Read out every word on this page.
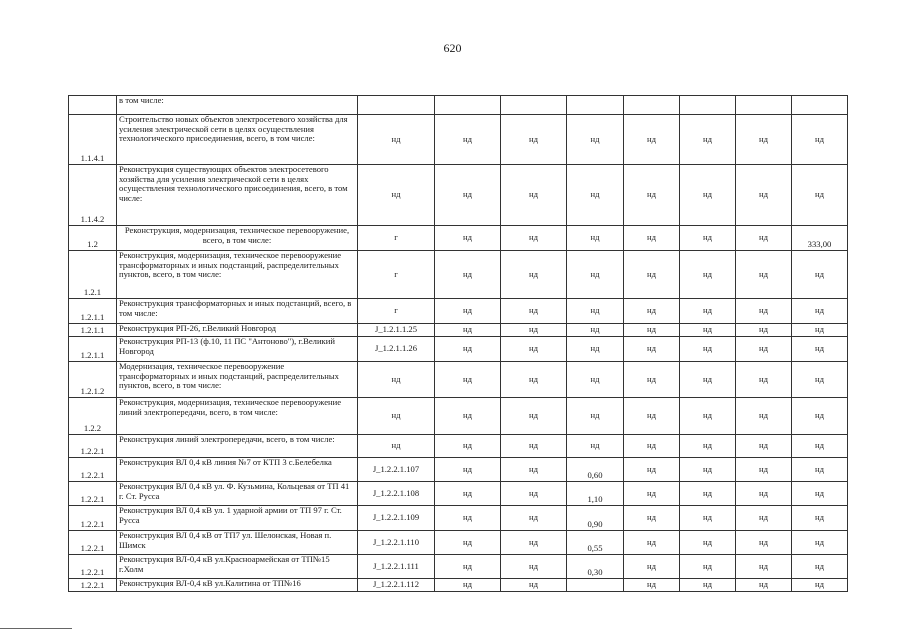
620
	в том числе:								
1.1.4.1	Строительство новых объектов электросетевого хозяйства для усиления электрической сети в целях осуществления технологического присоединения, всего, в том числе:	нд	нд	нд	нд	нд	нд	нд	нд
1.1.4.2	Реконструкция существующих объектов электросетевого хозяйства для усиления электрической сети в целях осуществления технологического присоединения, всего, в том числе:	нд	нд	нд	нд	нд	нд	нд	нд
1.2	Реконструкция, модернизация, техническое перевооружение, всего, в том числе:	г	нд	нд	нд	нд	нд	нд	333,00
1.2.1	Реконструкция, модернизация, техническое перевооружение трансформаторных и иных подстанций, распределительных пунктов, всего, в том числе:	г	нд	нд	нд	нд	нд	нд	нд
1.2.1.1	Реконструкция трансформаторных и иных подстанций, всего, в том числе:	г	нд	нд	нд	нд	нд	нд	нд
1.2.1.1	Реконструкция РП-26, г.Великий Новгород	J_1.2.1.1.25	нд	нд	нд	нд	нд	нд	нд
1.2.1.1	Реконструкция РП-13 (ф.10, 11 ПС "Антоново"), г.Великий Новгород	J_1.2.1.1.26	нд	нд	нд	нд	нд	нд	нд
1.2.1.2	Модернизация, техническое перевооружение трансформаторных и иных подстанций, распределительных пунктов, всего, в том числе:	нд	нд	нд	нд	нд	нд	нд	нд
1.2.2	Реконструкция, модернизация, техническое перевооружение линий электропередачи, всего, в том числе:	нд	нд	нд	нд	нд	нд	нд	нд
1.2.2.1	Реконструкция линий электропередачи, всего, в том числе:	нд	нд	нд	нд	нд	нд	нд	нд
1.2.2.1	Реконструкция ВЛ 0,4 кВ линия №7 от КТП 3 с.Белебелка	J_1.2.2.1.107	нд	нд	0,60	нд	нд	нд	нд
1.2.2.1	Реконструкция ВЛ 0,4 кВ ул. Ф. Кузьмина, Кольцевая от ТП 41 г. Ст. Русса	J_1.2.2.1.108	нд	нд	1,10	нд	нд	нд	нд
1.2.2.1	Реконструкция ВЛ 0,4 кВ ул. 1 ударной армии от ТП 97 г. Ст. Русса	J_1.2.2.1.109	нд	нд	0,90	нд	нд	нд	нд
1.2.2.1	Реконструкция ВЛ 0,4 кВ от ТП7 ул. Шелонская, Новая п. Шимск	J_1.2.2.1.110	нд	нд	0,55	нд	нд	нд	нд
1.2.2.1	Реконструкция ВЛ-0,4 кВ ул.Красноармейская от ТП№15 г.Холм	J_1.2.2.1.111	нд	нд	0,30	нд	нд	нд	нд
1.2.2.1	Реконструкция ВЛ-0,4 кВ ул.Калитина от ТП№16	J_1.2.2.1.112	нд	нд		нд	нд	нд	нд
